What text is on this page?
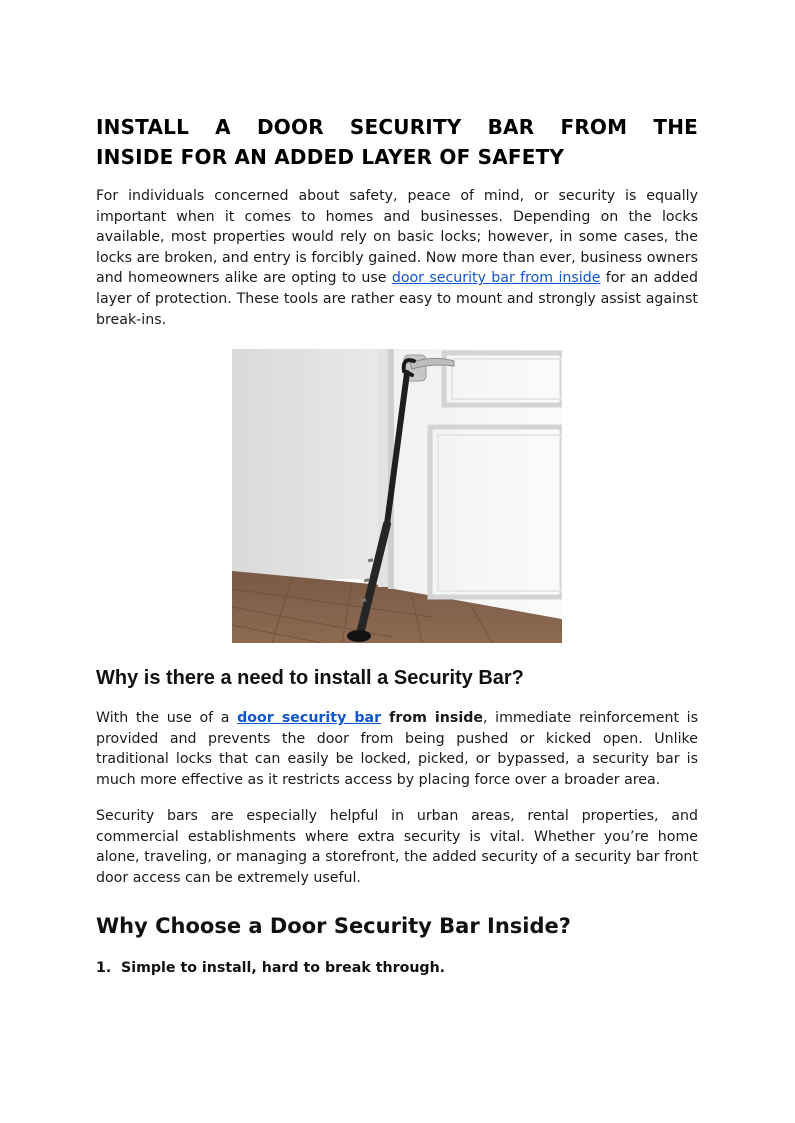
INSTALL A DOOR SECURITY BAR FROM THE
INSIDE FOR AN ADDED LAYER OF SAFETY

For individuals concerned about safety, peace of mind, or security is equally important when it comes to homes and businesses. Depending on the locks available, most properties would rely on basic locks; however, in some cases, the locks are broken, and entry is forcibly gained. Now more than ever, business owners and homeowners alike are opting to use door security bar from inside for an added layer of protection. These tools are rather easy to mount and strongly assist against break-ins.

Why is there a need to install a Security Bar?

With the use of a door security bar from inside, immediate reinforcement is provided and prevents the door from being pushed or kicked open. Unlike traditional locks that can easily be locked, picked, or bypassed, a security bar is much more effective as it restricts access by placing force over a broader area.

Security bars are especially helpful in urban areas, rental properties, and commercial establishments where extra security is vital. Whether you’re home alone, traveling, or managing a storefront, the added security of a security bar front door access can be extremely useful.

Why Choose a Door Security Bar Inside?

1. Simple to install, hard to break through.
